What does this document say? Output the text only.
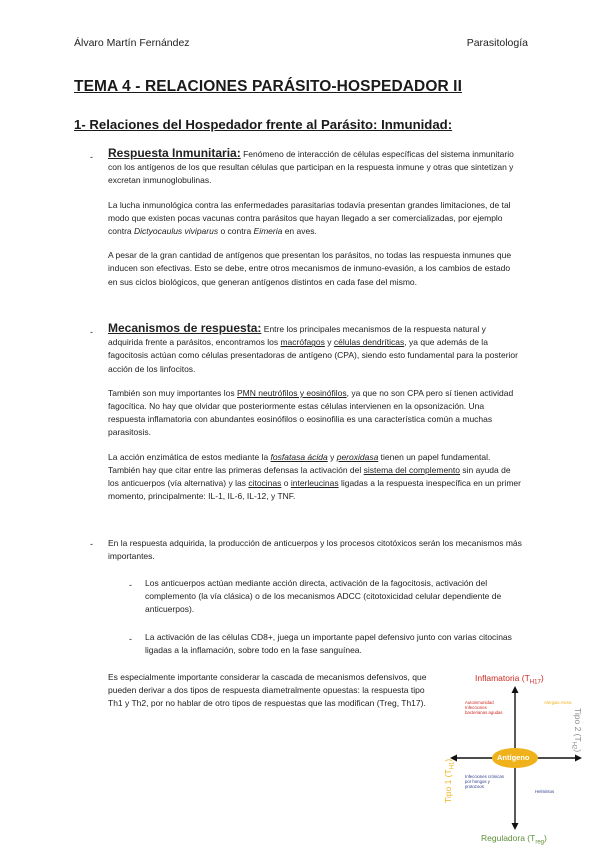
Álvaro Martín Fernández	Parasitología
TEMA 4 - RELACIONES PARÁSITO-HOSPEDADOR II
1- Relaciones del Hospedador frente al Parásito: Inmunidad:
- Respuesta Inmunitaria: Fenómeno de interacción de células específicas del sistema inmunitario con los antígenos de los que resultan células que participan en la respuesta inmune y otras que sintetizan y excretan inmunoglobulinas.

La lucha inmunológica contra las enfermedades parasitarias todavía presentan grandes limitaciones, de tal modo que existen pocas vacunas contra parásitos que hayan llegado a ser comercializadas, por ejemplo contra Dictyocaulus viviparus o contra Eimeria en aves.

A pesar de la gran cantidad de antígenos que presentan los parásitos, no todas las respuesta inmunes que inducen son efectivas. Esto se debe, entre otros mecanismos de inmuno-evasión, a los cambios de estado en sus ciclos biológicos, que generan antígenos distintos en cada fase del mismo.

- Mecanismos de respuesta: Entre los principales mecanismos de la respuesta natural y adquirida frente a parásitos, encontramos los macrófagos y células dendríticas, ya que además de la fagocitosis actúan como células presentadoras de antígeno (CPA), siendo esto fundamental para la posterior acción de los linfocitos.

También son muy importantes los PMN neutrófilos y eosinófilos, ya que no son CPA pero sí tienen actividad fagocítica. No hay que olvidar que posteriormente estas células intervienen en la opsonización. Una respuesta inflamatoria con abundantes eosinófilos o eosinofilia es una característica común a muchas parasitosis.

La acción enzimática de estos mediante la fosfatasa ácida y peroxidasa tienen un papel fundamental. También hay que citar entre las primeras defensas la activación del sistema del complemento sin ayuda de los anticuerpos (vía alternativa) y las citocinas o interleucinas ligadas a la respuesta inespecífica en un primer momento, principalmente: IL-1, IL-6, IL-12, y TNF.

- En la respuesta adquirida, la producción de anticuerpos y los procesos citotóxicos serán los mecanismos más importantes.
- Los anticuerpos actúan mediante acción directa, activación de la fagocitosis, activación del complemento (la vía clásica) o de los mecanismos ADCC (citotoxicidad celular dependiente de anticuerpos).
- La activación de las células CD8+, juega un importante papel defensivo junto con varias citocinas ligadas a la inflamación, sobre todo en la fase sanguínea.
Es especialmente importante considerar la cascada de mecanismos defensivos, que pueden derivar a dos tipos de respuesta diametralmente opuestas: la respuesta tipo Th1 y Th2, por no hablar de otro tipos de respuestas que las modifican (Treg, Th17).
Inflamatoria $(T_{H17})$
Reguladora $(T_{reg})$
Tipo 1 $(T_{H1})$
Tipo 2 $(T_{H2})$
Antígeno
Autoinmunidad Infecciones bacterianas agudas
Alergias Asma
Infecciones crónicas por hongos y protozoos
Helmintos
